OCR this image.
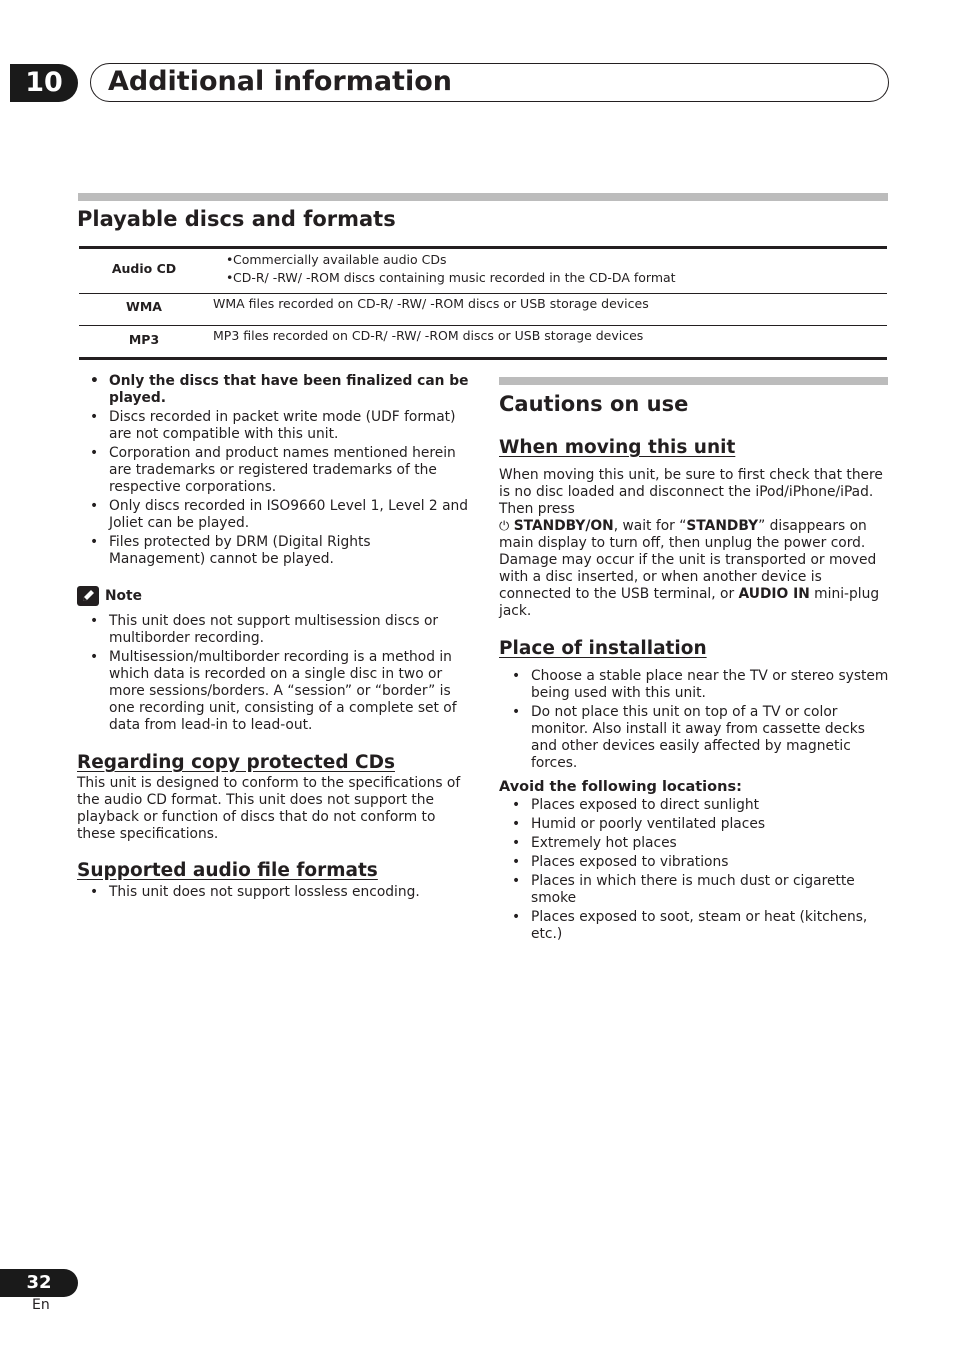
10	Additional information
Playable discs and formats
Audio CD
• Commercially available audio CDs
• CD-R/ -RW/ -ROM discs containing music recorded in the CD-DA format
WMA	WMA files recorded on CD-R/ -RW/ -ROM discs or USB storage devices
MP3	MP3 files recorded on CD-R/ -RW/ -ROM discs or USB storage devices
• Only the discs that have been finalized can be played.
• Discs recorded in packet write mode (UDF format) are not compatible with this unit.
• Corporation and product names mentioned herein are trademarks or registered trademarks of the respective corporations.
• Only discs recorded in ISO9660 Level 1, Level 2 and Joliet can be played.
• Files protected by DRM (Digital Rights Management) cannot be played.
Note
• This unit does not support multisession discs or multiborder recording.
• Multisession/multiborder recording is a method in which data is recorded on a single disc in two or more sessions/borders. A “session” or “border” is one recording unit, consisting of a complete set of data from lead-in to lead-out.
Regarding copy protected CDs

This unit is designed to conform to the specifications of the audio CD format. This unit does not support the playback or function of discs that do not conform to these specifications.

Supported audio file formats
• This unit does not support lossless encoding.
Cautions on use
When moving this unit

When moving this unit, be sure to first check that there is no disc loaded and disconnect the iPod/iPhone/iPad. Then press
⏻ STANDBY/ON, wait for “STANDBY” disappears on main display to turn off, then unplug the power cord. Damage may occur if the unit is transported or moved with a disc inserted, or when another device is connected to the USB terminal, or AUDIO IN mini-plug jack.

Place of installation
• Choose a stable place near the TV or stereo system being used with this unit.
• Do not place this unit on top of a TV or color monitor. Also install it away from cassette decks and other devices easily affected by magnetic forces.
Avoid the following locations:
• Places exposed to direct sunlight
• Humid or poorly ventilated places
• Extremely hot places
• Places exposed to vibrations
• Places in which there is much dust or cigarette smoke
• Places exposed to soot, steam or heat (kitchens, etc.)
32
En
